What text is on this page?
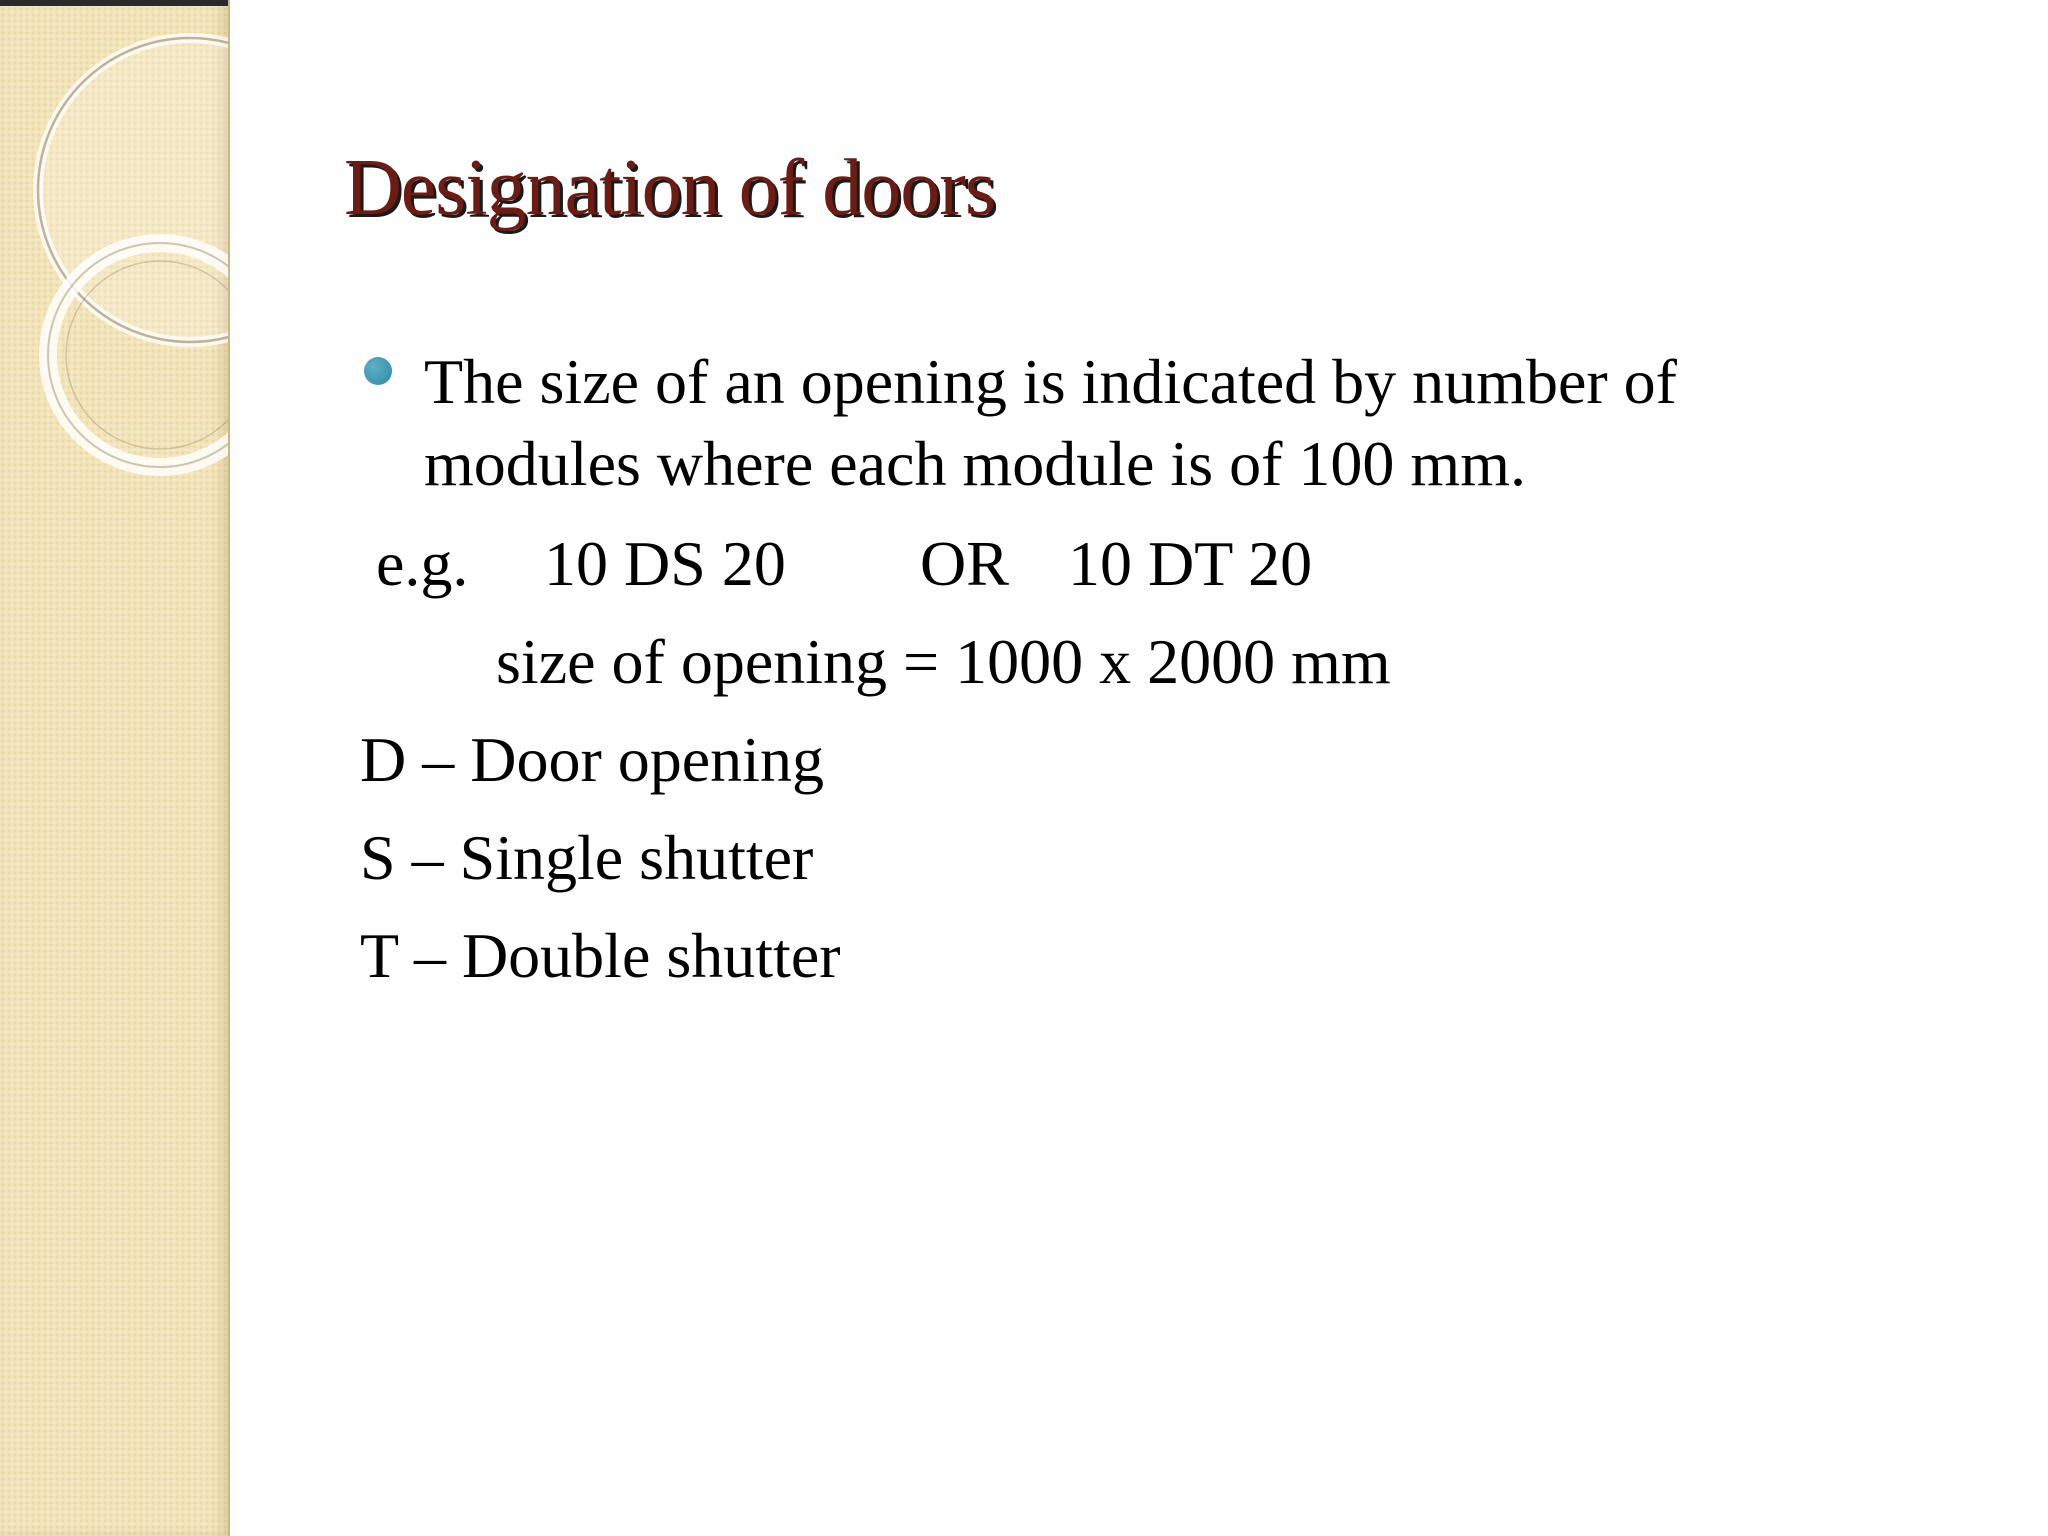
Designation of doors
The size of an opening is indicated by number of
modules where each module is of 100 mm.
e.g. 10 DS 20 OR 10 DT 20
size of opening = 1000 x 2000 mm
D – Door opening
S – Single shutter
T – Double shutter
